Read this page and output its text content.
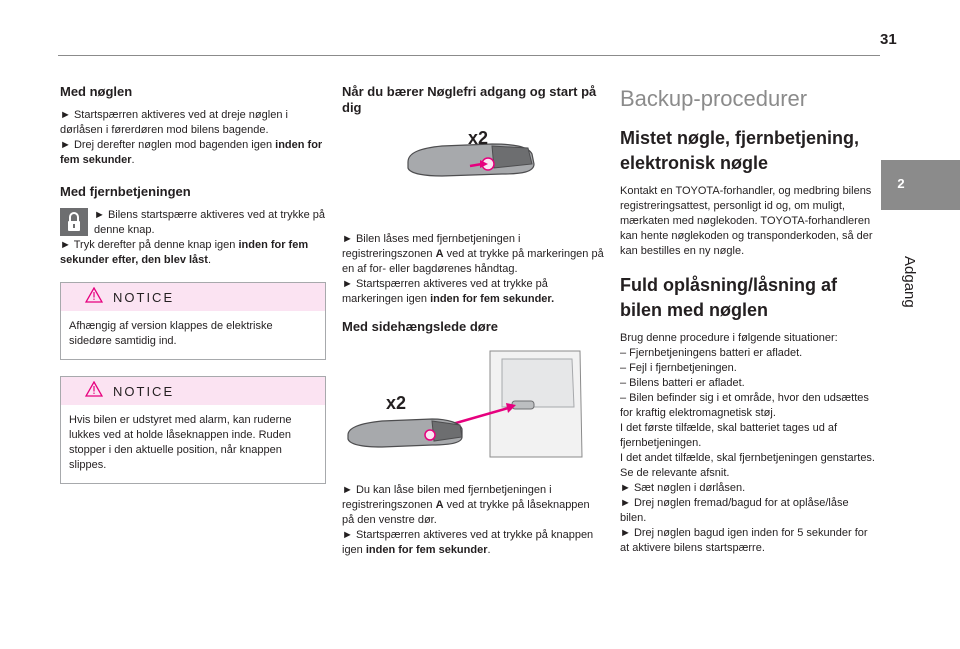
31
2
Adgang
Med nøglen

► Startspærren aktiveres ved at dreje nøglen i dørlåsen i førerdøren mod bilens bagende.

► Drej derefter nøglen mod bagenden igen inden for fem sekunder.

Med fjernbetjeningen

► Bilens startspærre aktiveres ved at trykke på denne knap.

► Tryk derefter på denne knap igen inden for fem sekunder efter, den blev låst.

NOTICE
Afhængig af version klappes de elektriske sidedøre samtidig ind.
NOTICE
Hvis bilen er udstyret med alarm, kan ruderne lukkes ved at holde låseknappen inde. Ruden stopper i den aktuelle position, når knappen slippes.
Når du bærer Nøglefri adgang og start på dig
x2

► Bilen låses med fjernbetjeningen i registreringszonen A ved at trykke på markeringen på en af for- eller bagdørenes håndtag.

► Startspærren aktiveres ved at trykke på markeringen igen inden for fem sekunder.

Med sidehængslede døre
x2

► Du kan låse bilen med fjernbetjeningen i registreringszonen A ved at trykke på låseknappen på den venstre dør.

► Startspærren aktiveres ved at trykke på knappen igen inden for fem sekunder.

Backup-procedurer
Mistet nøgle, fjernbetjening, elektronisk nøgle

Kontakt en TOYOTA-forhandler, og medbring bilens registreringsattest, personligt id og, om muligt, mærkaten med nøglekoden. TOYOTA-forhandleren kan hente nøglekoden og transponderkoden, så der kan bestilles en ny nøgle.

Fuld oplåsning/låsning af bilen med nøglen

Brug denne procedure i følgende situationer:

– Fjernbetjeningens batteri er afladet.

– Fejl i fjernbetjeningen.

– Bilens batteri er afladet.

– Bilen befinder sig i et område, hvor den udsættes for kraftig elektromagnetisk støj.

I det første tilfælde, skal batteriet tages ud af fjernbetjeningen.

I det andet tilfælde, skal fjernbetjeningen genstartes.

Se de relevante afsnit.

► Sæt nøglen i dørlåsen.

► Drej nøglen fremad/bagud for at oplåse/låse bilen.

► Drej nøglen bagud igen inden for 5 sekunder for at aktivere bilens startspærre.
